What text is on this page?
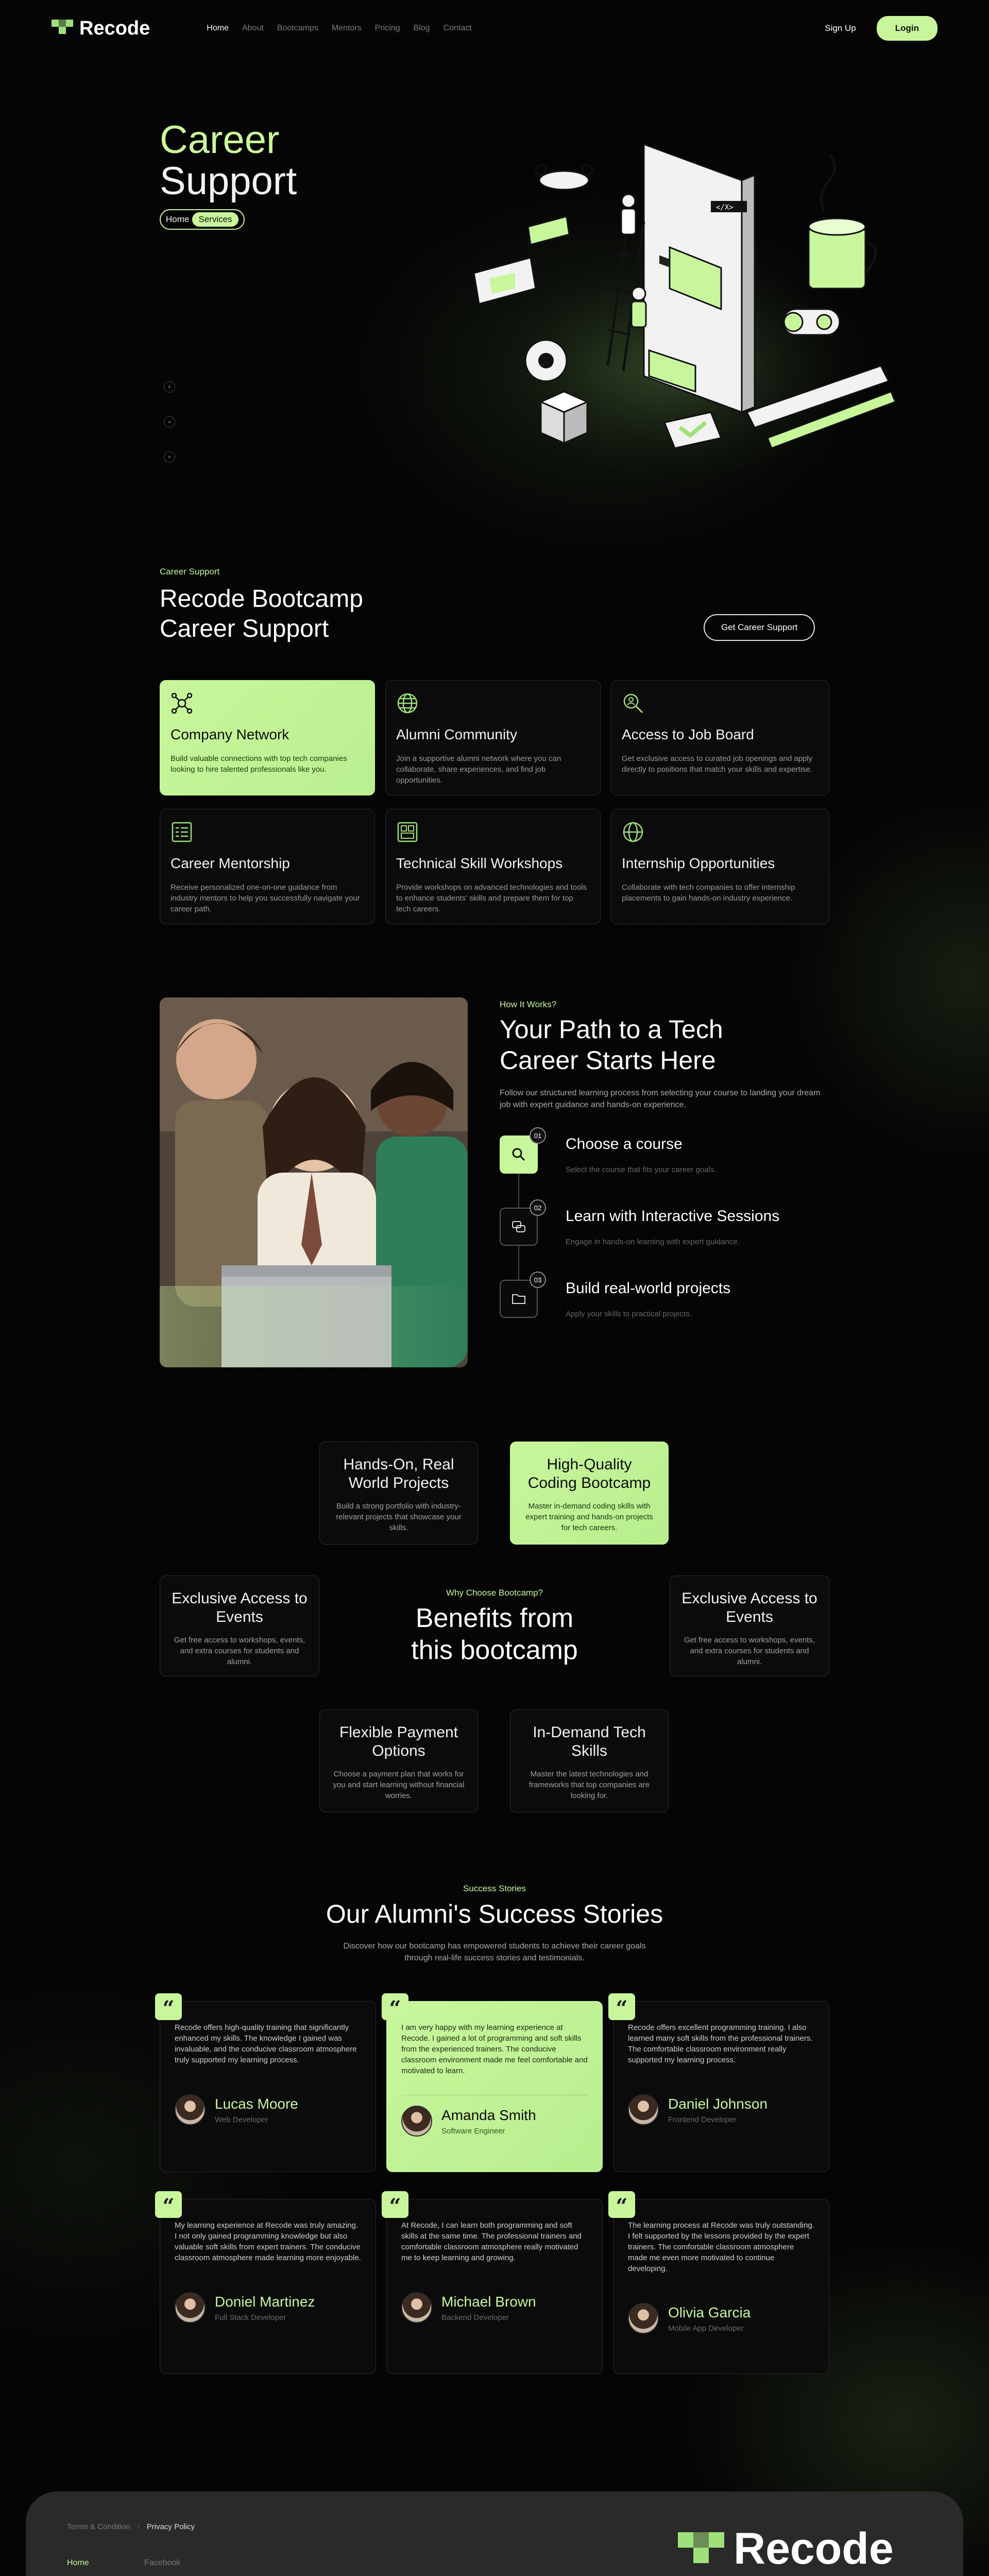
Recode	Home About Bootcamps Mentors Pricing Blog Contact	Sign Up	Login
Career
Support
Home	Services
</X>
Career Support
Recode Bootcamp
Career Support	Get Career Support
Company Network

Build valuable connections with top tech companies looking to hire talented professionals like you.

Alumni Community

Join a supportive alumni network where you can collaborate, share experiences, and find job opportunities.

Access to Job Board

Get exclusive access to curated job openings and apply directly to positions that match your skills and expertise.

Career Mentorship

Receive personalized one-on-one guidance from industry mentors to help you successfully navigate your career path.

Technical Skill Workshops

Provide workshops on advanced technologies and tools to enhance students' skills and prepare them for top tech careers.

Internship Opportunities

Collaborate with tech companies to offer internship placements to gain hands-on industry experience.

How It Works?
Your Path to a Tech
Career Starts Here
Follow our structured learning process from selecting your course to landing your dream job with expert guidance and hands-on experience.
01 Choose a course
Select the course that fits your career goals.
02 Learn with Interactive Sessions
Engage in hands-on learning with expert guidance.
03 Build real-world projects
Apply your skills to practical projects.
Hands-On, Real World Projects

Build a strong portfolio with industry-relevant projects that showcase your skills.

High-Quality Coding Bootcamp

Master in-demand coding skills with expert training and hands-on projects for tech careers.

Exclusive Access to Events

Get free access to workshops, events, and extra courses for students and alumni.

Why Choose Bootcamp?
Benefits from
this bootcamp
Exclusive Access to Events

Get free access to workshops, events, and extra courses for students and alumni.

Flexible Payment Options

Choose a payment plan that works for you and start learning without financial worries.

In-Demand Tech Skills

Master the latest technologies and frameworks that top companies are looking for.

Success Stories
Our Alumni's Success Stories
Discover how our bootcamp has empowered students to achieve their career goals through real-life success stories and testimonials.
“
Recode offers high-quality training that significantly enhanced my skills. The knowledge I gained was invaluable, and the conducive classroom atmosphere truly supported my learning process.
Lucas Moore
Web Developer
“
I am very happy with my learning experience at Recode. I gained a lot of programming and soft skills from the experienced trainers. The conducive classroom environment made me feel comfortable and motivated to learn.
Amanda Smith
Software Engineer
“
Recode offers excellent programming training. I also learned many soft skills from the professional trainers. The comfortable classroom environment really supported my learning process.
Daniel Johnson
Frontend Developer
“
My learning experience at Recode was truly amazing. I not only gained programming knowledge but also valuable soft skills from expert trainers. The conducive classroom atmosphere made learning more enjoyable.
Doniel Martinez
Full Stack Developer
“
At Recode, I can learn both programming and soft skills at the same time. The professional trainers and comfortable classroom atmosphere really motivated me to keep learning and growing.
Michael Brown
Backend Developer
“
The learning process at Recode was truly outstanding. I felt supported by the lessons provided by the expert trainers. The comfortable classroom atmosphere made me even more motivated to continue developing.
Olivia Garcia
Mobile App Developer
Terms & Condition / Privacy Policy	Recode
Home	Facebook
